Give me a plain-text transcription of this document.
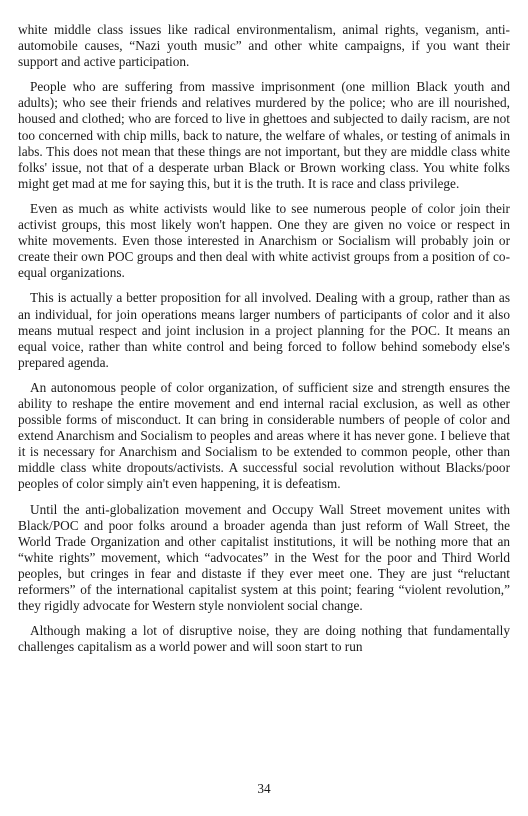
white middle class issues like radical environmentalism, animal rights, veganism, anti-automobile causes, “Nazi youth music” and other white campaigns, if you want their support and active participation.

People who are suffering from massive imprisonment (one million Black youth and adults); who see their friends and relatives murdered by the police; who are ill nourished, housed and clothed; who are forced to live in ghettoes and subjected to daily racism, are not too concerned with chip mills, back to nature, the welfare of whales, or testing of animals in labs. This does not mean that these things are not important, but they are middle class white folks' issue, not that of a desperate urban Black or Brown working class. You white folks might get mad at me for saying this, but it is the truth. It is race and class privilege.

Even as much as white activists would like to see numerous people of color join their activist groups, this most likely won't happen. One they are given no voice or respect in white movements. Even those interested in Anarchism or Socialism will probably join or create their own POC groups and then deal with white activist groups from a position of co-equal organizations.

This is actually a better proposition for all involved. Dealing with a group, rather than as an individual, for join operations means larger numbers of participants of color and it also means mutual respect and joint inclusion in a project planning for the POC. It means an equal voice, rather than white control and being forced to follow behind somebody else's prepared agenda.

An autonomous people of color organization, of sufficient size and strength ensures the ability to reshape the entire movement and end internal racial exclusion, as well as other possible forms of misconduct. It can bring in considerable numbers of people of color and extend Anarchism and Socialism to peoples and areas where it has never gone. I believe that it is necessary for Anarchism and Socialism to be extended to common people, other than middle class white dropouts/activists. A successful social revolution without Blacks/poor peoples of color simply ain't even happening, it is defeatism.

Until the anti-globalization movement and Occupy Wall Street movement unites with Black/POC and poor folks around a broader agenda than just reform of Wall Street, the World Trade Organization and other capitalist institutions, it will be nothing more that an “white rights” movement, which “advocates” in the West for the poor and Third World peoples, but cringes in fear and distaste if they ever meet one. They are just “reluctant reformers” of the international capitalist system at this point; fearing “violent revolution,” they rigidly advocate for Western style nonviolent social change.

Although making a lot of disruptive noise, they are doing nothing that fundamentally challenges capitalism as a world power and will soon start to run

34
